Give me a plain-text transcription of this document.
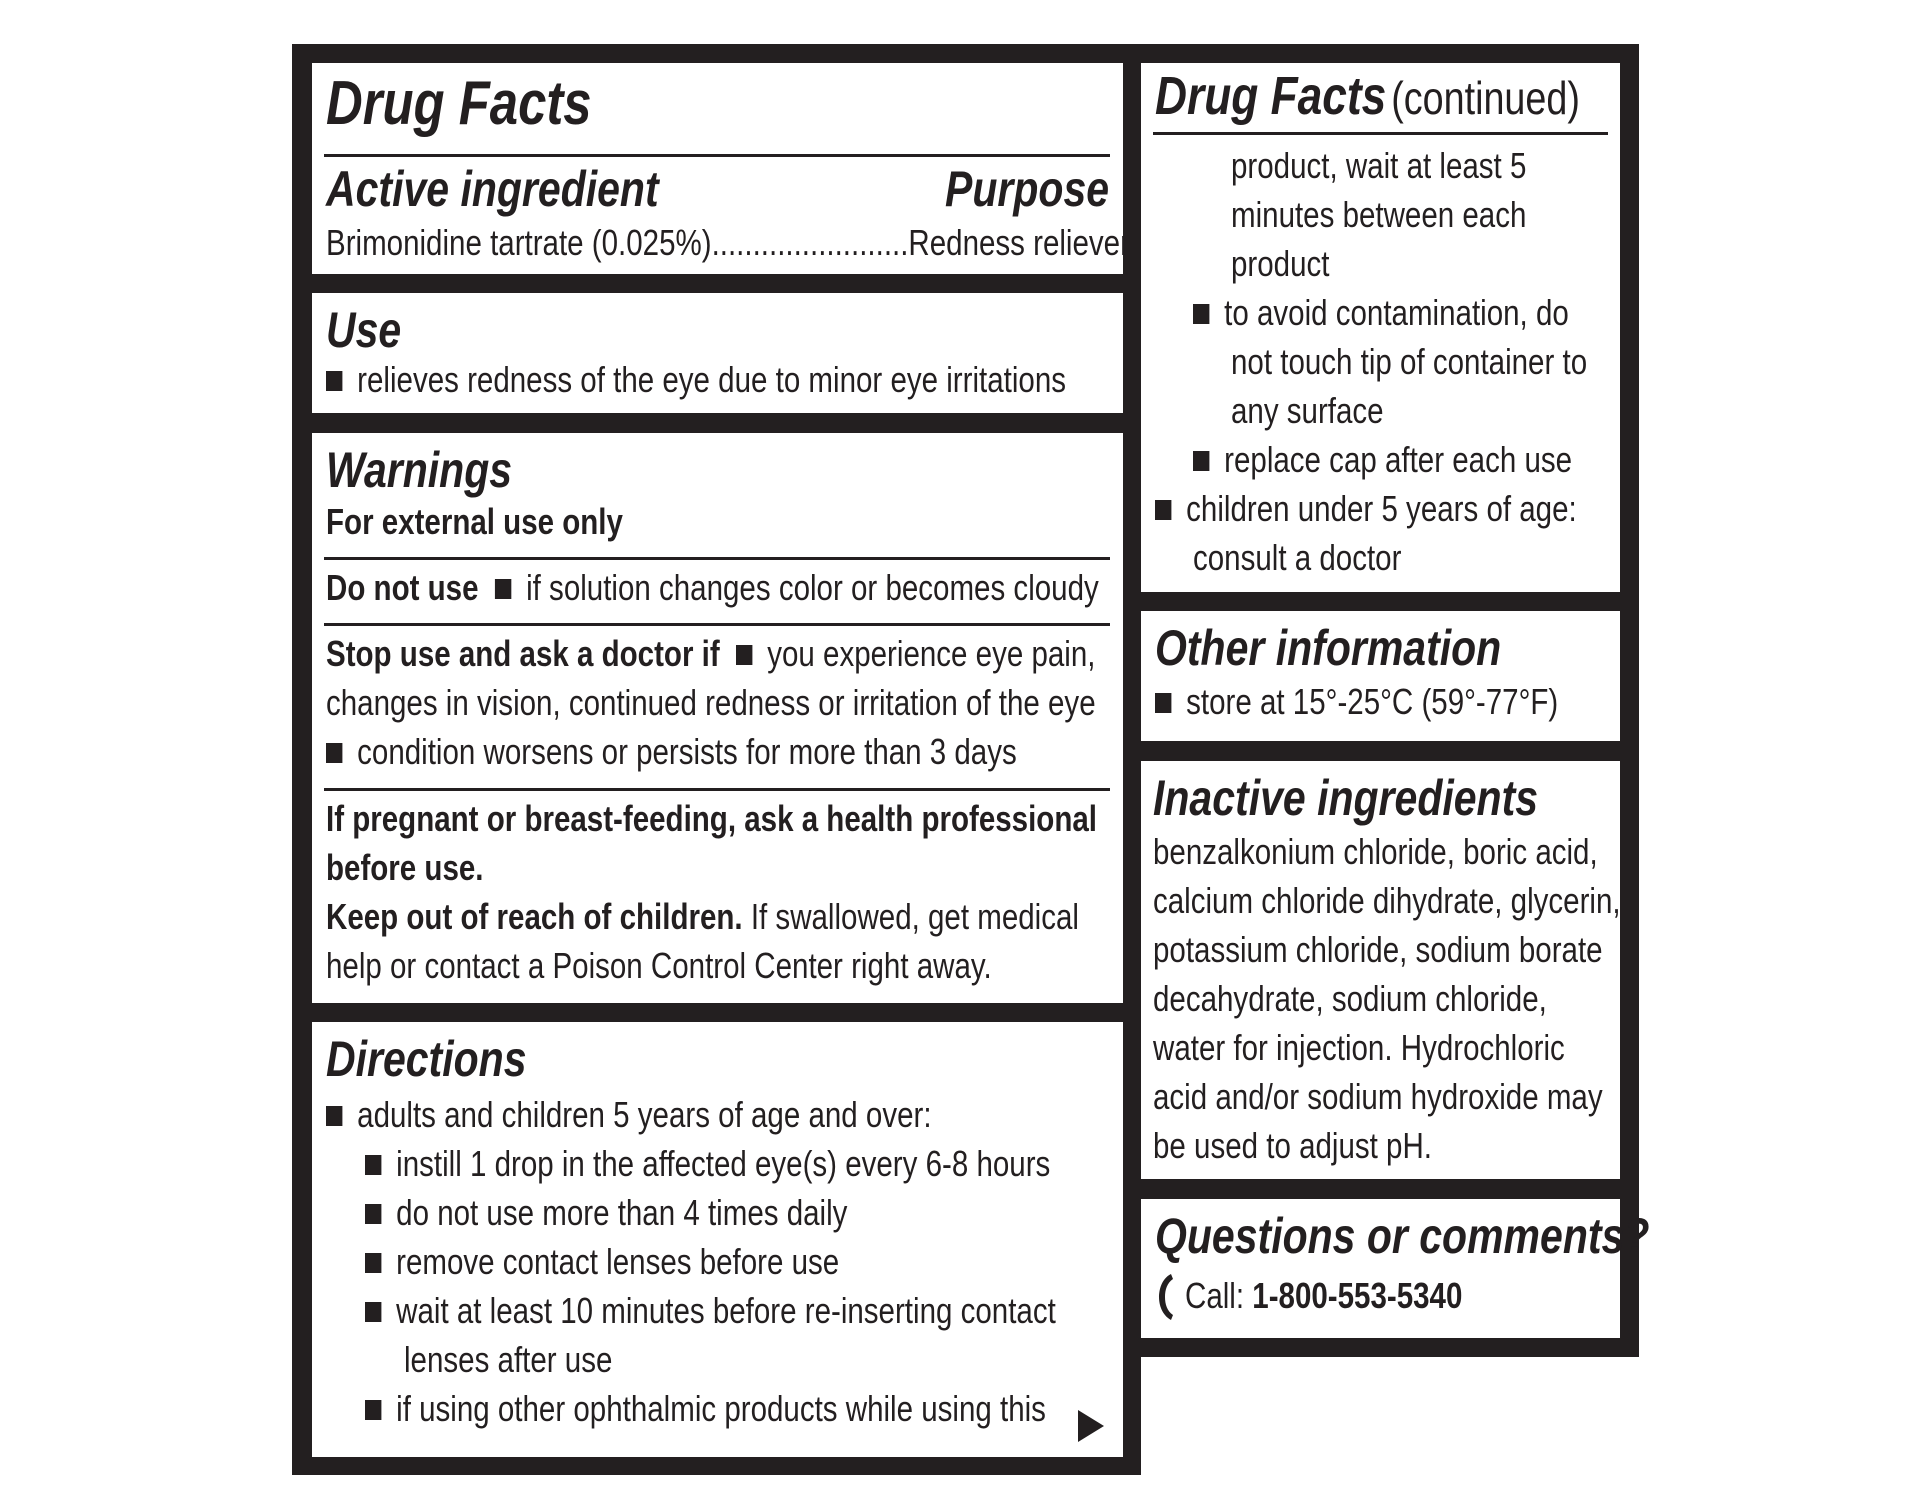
Drug Facts
Active ingredient	Purpose
Brimonidine tartrate (0.025%)........................Redness reliever
Use
relieves redness of the eye due to minor eye irritations
Warnings
For external use only
Do not use if solution changes color or becomes cloudy
Stop use and ask a doctor if you experience eye pain,
changes in vision, continued redness or irritation of the eye
condition worsens or persists for more than 3 days
If pregnant or breast-feeding, ask a health professional
before use.
Keep out of reach of children. If swallowed, get medical
help or contact a Poison Control Center right away.
Directions
adults and children 5 years of age and over:
instill 1 drop in the affected eye(s) every 6-8 hours
do not use more than 4 times daily
remove contact lenses before use
wait at least 10 minutes before re-inserting contact
lenses after use
if using other ophthalmic products while using this
Drug Facts (continued)
product, wait at least 5
minutes between each
product
to avoid contamination, do
not touch tip of container to
any surface
replace cap after each use
children under 5 years of age:
consult a doctor
Other information
store at 15°-25°C (59°-77°F)
Inactive ingredients
benzalkonium chloride, boric acid,
calcium chloride dihydrate, glycerin,
potassium chloride, sodium borate
decahydrate, sodium chloride,
water for injection. Hydrochloric
acid and/or sodium hydroxide may
be used to adjust pH.
Questions or comments?
Call: 1-800-553-5340
